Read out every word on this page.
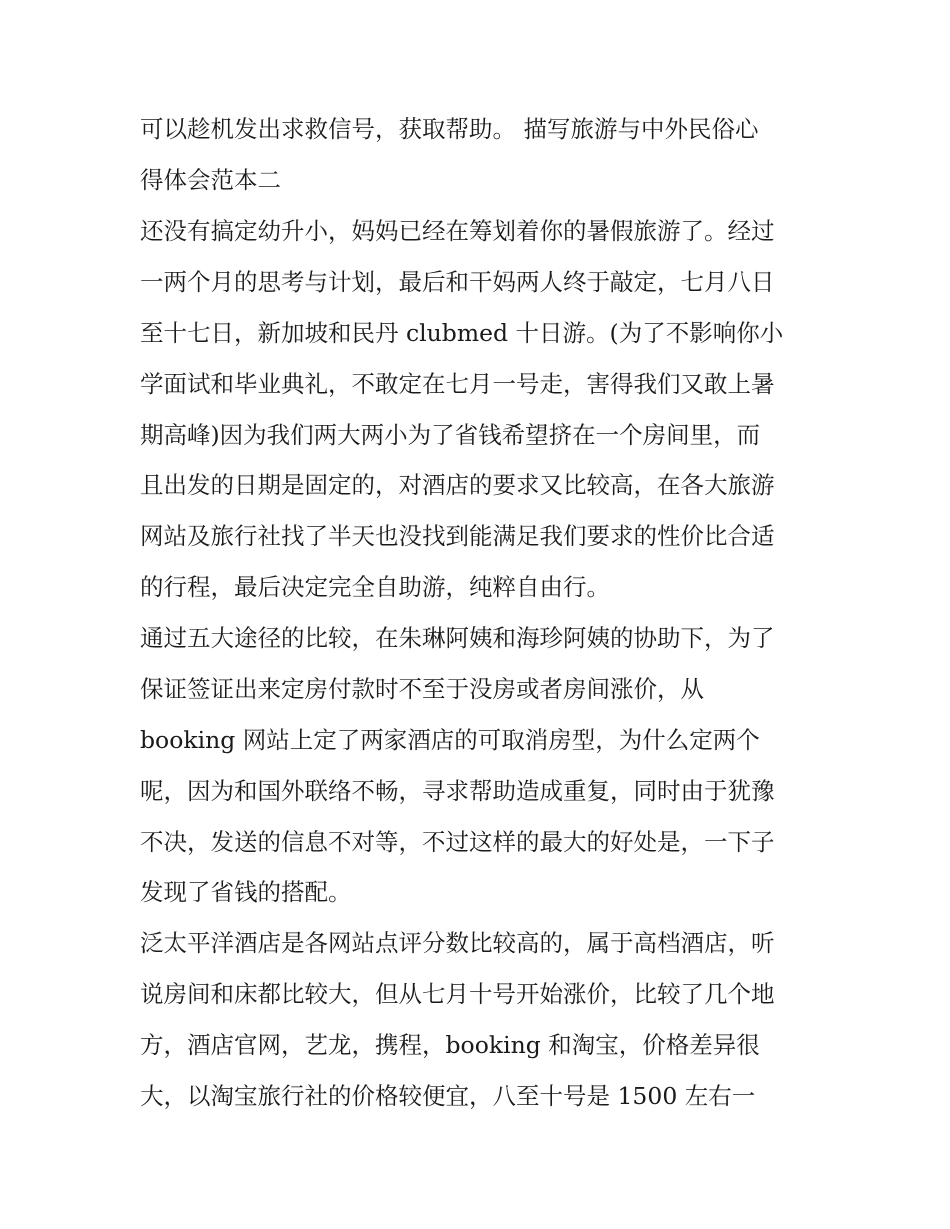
可以趁机发出求救信号，获取帮助。 描写旅游与中外民俗心
得体会范本二
还没有搞定幼升小，妈妈已经在筹划着你的暑假旅游了。经过
一两个月的思考与计划，最后和干妈两人终于敲定，七月八日
至十七日，新加坡和民丹 clubmed 十日游。(为了不影响你小
学面试和毕业典礼，不敢定在七月一号走，害得我们又敢上暑
期高峰)因为我们两大两小为了省钱希望挤在一个房间里，而
且出发的日期是固定的，对酒店的要求又比较高，在各大旅游
网站及旅行社找了半天也没找到能满足我们要求的性价比合适
的行程，最后决定完全自助游，纯粹自由行。
通过五大途径的比较，在朱琳阿姨和海珍阿姨的协助下，为了
保证签证出来定房付款时不至于没房或者房间涨价，从
booking 网站上定了两家酒店的可取消房型，为什么定两个
呢，因为和国外联络不畅，寻求帮助造成重复，同时由于犹豫
不决，发送的信息不对等，不过这样的最大的好处是，一下子
发现了省钱的搭配。
泛太平洋酒店是各网站点评分数比较高的，属于高档酒店，听
说房间和床都比较大，但从七月十号开始涨价，比较了几个地
方，酒店官网，艺龙，携程，booking 和淘宝，价格差异很
大，以淘宝旅行社的价格较便宜，八至十号是 1500 左右一
